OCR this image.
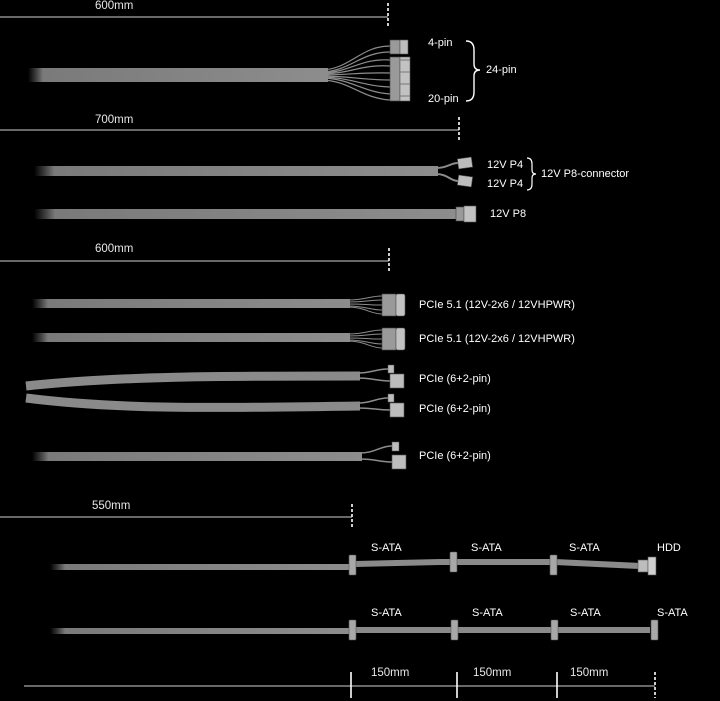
600mm
4-pin
20-pin
24-pin
700mm
12V P4
12V P4
12V P8-connector
12V P8
600mm
PCIe 5.1 (12V-2x6 / 12VHPWR)
PCIe 5.1 (12V-2x6 / 12VHPWR)
PCIe (6+2-pin)
PCIe (6+2-pin)
PCIe (6+2-pin)
550mm
S-ATA	S-ATA	S-ATA	HDD
S-ATA	S-ATA	S-ATA	S-ATA
150mm	150mm	150mm
